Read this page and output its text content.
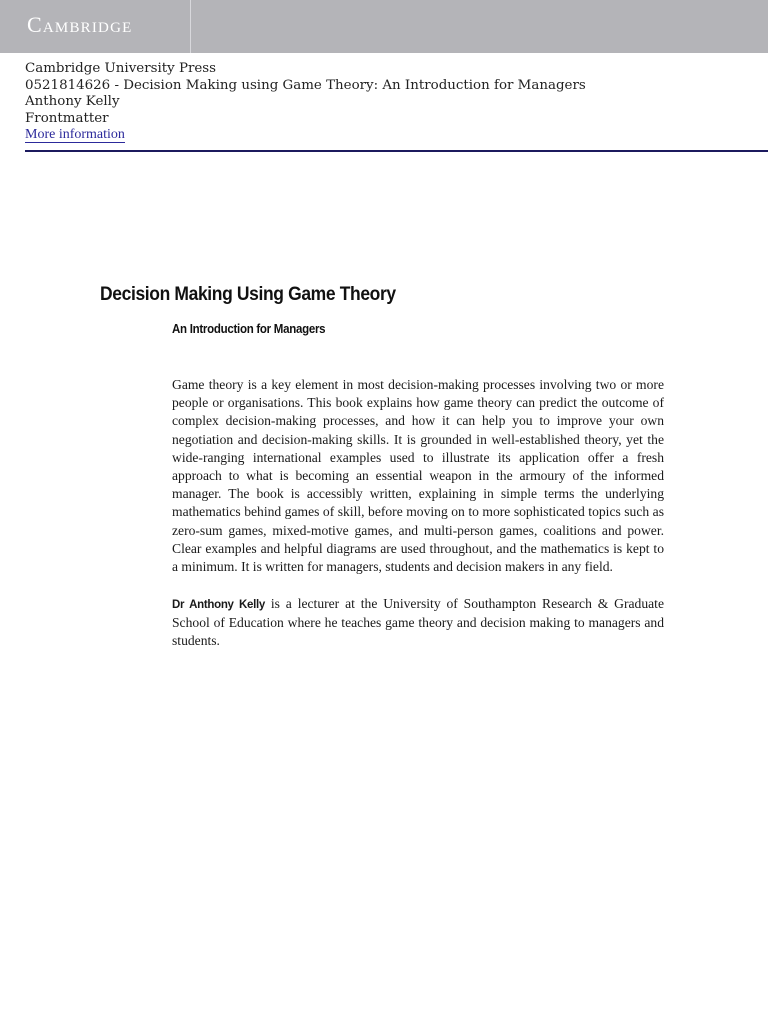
Cambridge
Cambridge University Press
0521814626 - Decision Making using Game Theory: An Introduction for Managers
Anthony Kelly
Frontmatter
More information
Decision Making Using Game Theory
An Introduction for Managers

Game theory is a key element in most decision-making processes involving two or more people or organisations. This book explains how game theory can predict the outcome of complex decision-making processes, and how it can help you to improve your own negotiation and decision-making skills. It is grounded in well-established theory, yet the wide-ranging international examples used to illustrate its application offer a fresh approach to what is becoming an essential weapon in the armoury of the informed manager. The book is accessibly written, explaining in simple terms the underlying mathematics behind games of skill, before moving on to more sophisticated topics such as zero-sum games, mixed-motive games, and multi-person games, coalitions and power. Clear examples and helpful diagrams are used throughout, and the mathematics is kept to a minimum. It is written for managers, students and decision makers in any field.

Dr Anthony Kelly is a lecturer at the University of Southampton Research & Graduate School of Education where he teaches game theory and decision making to managers and students.
